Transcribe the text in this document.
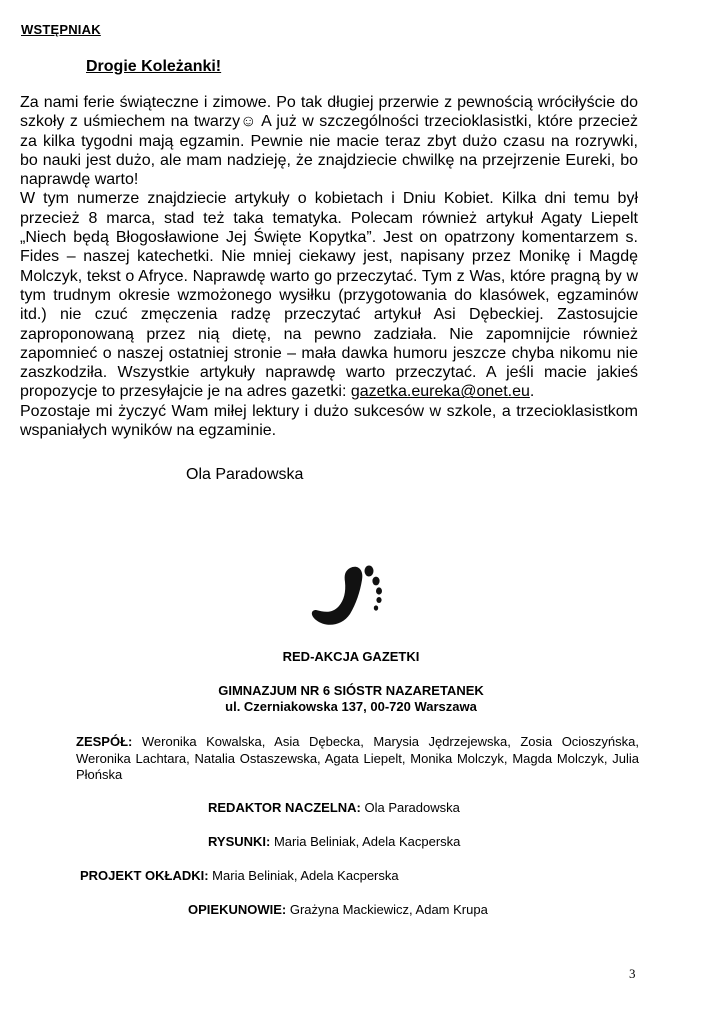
WSTĘPNIAK
Drogie Koleżanki!

Za nami ferie świąteczne i zimowe. Po tak długiej przerwie z pewnością wróciłyście do szkoły z uśmiechem na twarzy☺ A już w szczególności trzecioklasistki, które przecież za kilka tygodni mają egzamin. Pewnie nie macie teraz zbyt dużo czasu na rozrywki, bo nauki jest dużo, ale mam nadzieję, że znajdziecie chwilkę na przejrzenie Eureki, bo naprawdę warto!

W tym numerze znajdziecie artykuły o kobietach i Dniu Kobiet. Kilka dni temu był przecież 8 marca, stad też taka tematyka. Polecam również artykuł Agaty Liepelt „Niech będą Błogosławione Jej Święte Kopytka”. Jest on opatrzony komentarzem s. Fides – naszej katechetki. Nie mniej ciekawy jest, napisany przez Monikę i Magdę Molczyk, tekst o Afryce. Naprawdę warto go przeczytać. Tym z Was, które pragną by w tym trudnym okresie wzmożonego wysiłku (przygotowania do klasówek, egzaminów itd.) nie czuć zmęczenia radzę przeczytać artykuł Asi Dębeckiej. Zastosujcie zaproponowaną przez nią dietę, na pewno zadziała. Nie zapomnijcie również zapomnieć o naszej ostatniej stronie – mała dawka humoru jeszcze chyba nikomu nie zaszkodziła. Wszystkie artykuły naprawdę warto przeczytać. A jeśli macie jakieś propozycje to przesyłajcie je na adres gazetki: gazetka.eureka@onet.eu.

Pozostaje mi życzyć Wam miłej lektury i dużo sukcesów w szkole, a trzecioklasistkom wspaniałych wyników na egzaminie.

Ola Paradowska
RED-AKCJA GAZETKI
GIMNAZJUM NR 6 SIÓSTR NAZARETANEK
ul. Czerniakowska 137, 00-720 Warszawa
ZESPÓŁ: Weronika Kowalska, Asia Dębecka, Marysia Jędrzejewska, Zosia Ocioszyńska, Weronika Lachtara, Natalia Ostaszewska, Agata Liepelt, Monika Molczyk, Magda Molczyk, Julia Płońska
REDAKTOR NACZELNA: Ola Paradowska
RYSUNKI: Maria Beliniak, Adela Kacperska
PROJEKT OKŁADKI: Maria Beliniak, Adela Kacperska
OPIEKUNOWIE: Grażyna Mackiewicz, Adam Krupa
3
